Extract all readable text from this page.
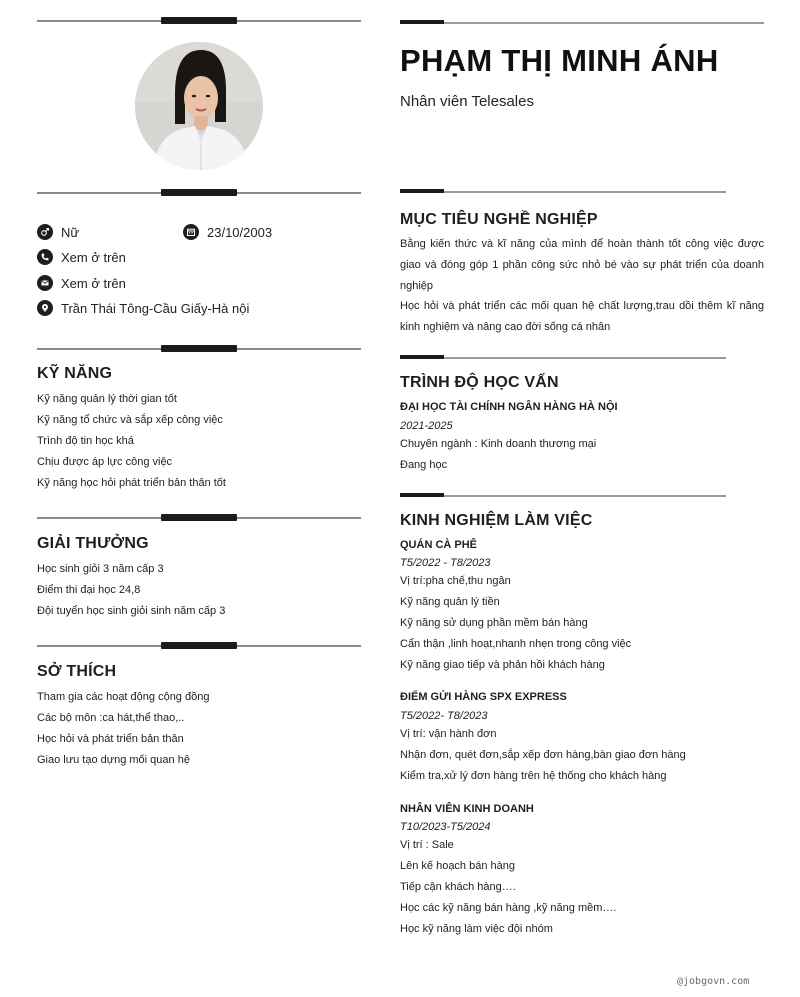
Nữ	23/10/2003
Xem ở trên
Xem ở trên
Trần Thái Tông-Cầu Giấy-Hà nội
KỸ NĂNG
Kỹ năng quản lý thời gian tốt
Kỹ năng tổ chức và sắp xếp công việc
Trình độ tin học khá
Chịu được áp lực công việc
Kỹ năng học hỏi phát triển bản thân tốt
GIẢI THƯỞNG
Học sinh giỏi 3 năm cấp 3
Điểm thi đại học 24,8
Đội tuyển học sinh giỏi sinh năm cấp 3
SỞ THÍCH
Tham gia các hoạt động cộng đồng
Các bộ môn :ca hát,thể thao,..
Học hỏi và phát triển bản thân
Giao lưu tạo dựng mối quan hệ
PHẠM THỊ MINH ÁNH
Nhân viên Telesales
MỤC TIÊU NGHỀ NGHIỆP

Bằng kiến thức và kĩ năng của mình để hoàn thành tốt công việc được giao và đóng góp 1 phần công sức nhỏ bé vào sự phát triển của doanh nghiệp

Học hỏi và phát triển các mối quan hệ chất lượng,trau dồi thêm kĩ năng kinh nghiệm và nâng cao đời sống cá nhân

TRÌNH ĐỘ HỌC VẤN
ĐẠI HỌC TÀI CHÍNH NGÂN HÀNG HÀ NỘI
2021-2025
Chuyên ngành : Kinh doanh thương mại
Đang học
KINH NGHIỆM LÀM VIỆC
QUÁN CÀ PHÊ
T5/2022 - T8/2023
Vị trí:pha chế,thu ngân
Kỹ năng quản lý tiền
Kỹ năng sử dụng phần mềm bán hàng
Cẩn thận ,linh hoạt,nhanh nhẹn trong công việc
Kỹ năng giao tiếp và phản hồi khách hàng
ĐIỂM GỬI HÀNG SPX EXPRESS
T5/2022- T8/2023
Vị trí: vận hành đơn
Nhận đơn, quét đơn,sắp xếp đơn hàng,bàn giao đơn hàng
Kiểm tra,xử lý đơn hàng trên hệ thống cho khách hàng
NHÂN VIÊN KINH DOANH
T10/2023-T5/2024
Vị trí : Sale
Lên kế hoạch bán hàng
Tiếp cận khách hàng….
Học các kỹ năng bán hàng ,kỹ năng mềm….
Học kỹ năng làm việc đội nhóm
@jobgovn.com
